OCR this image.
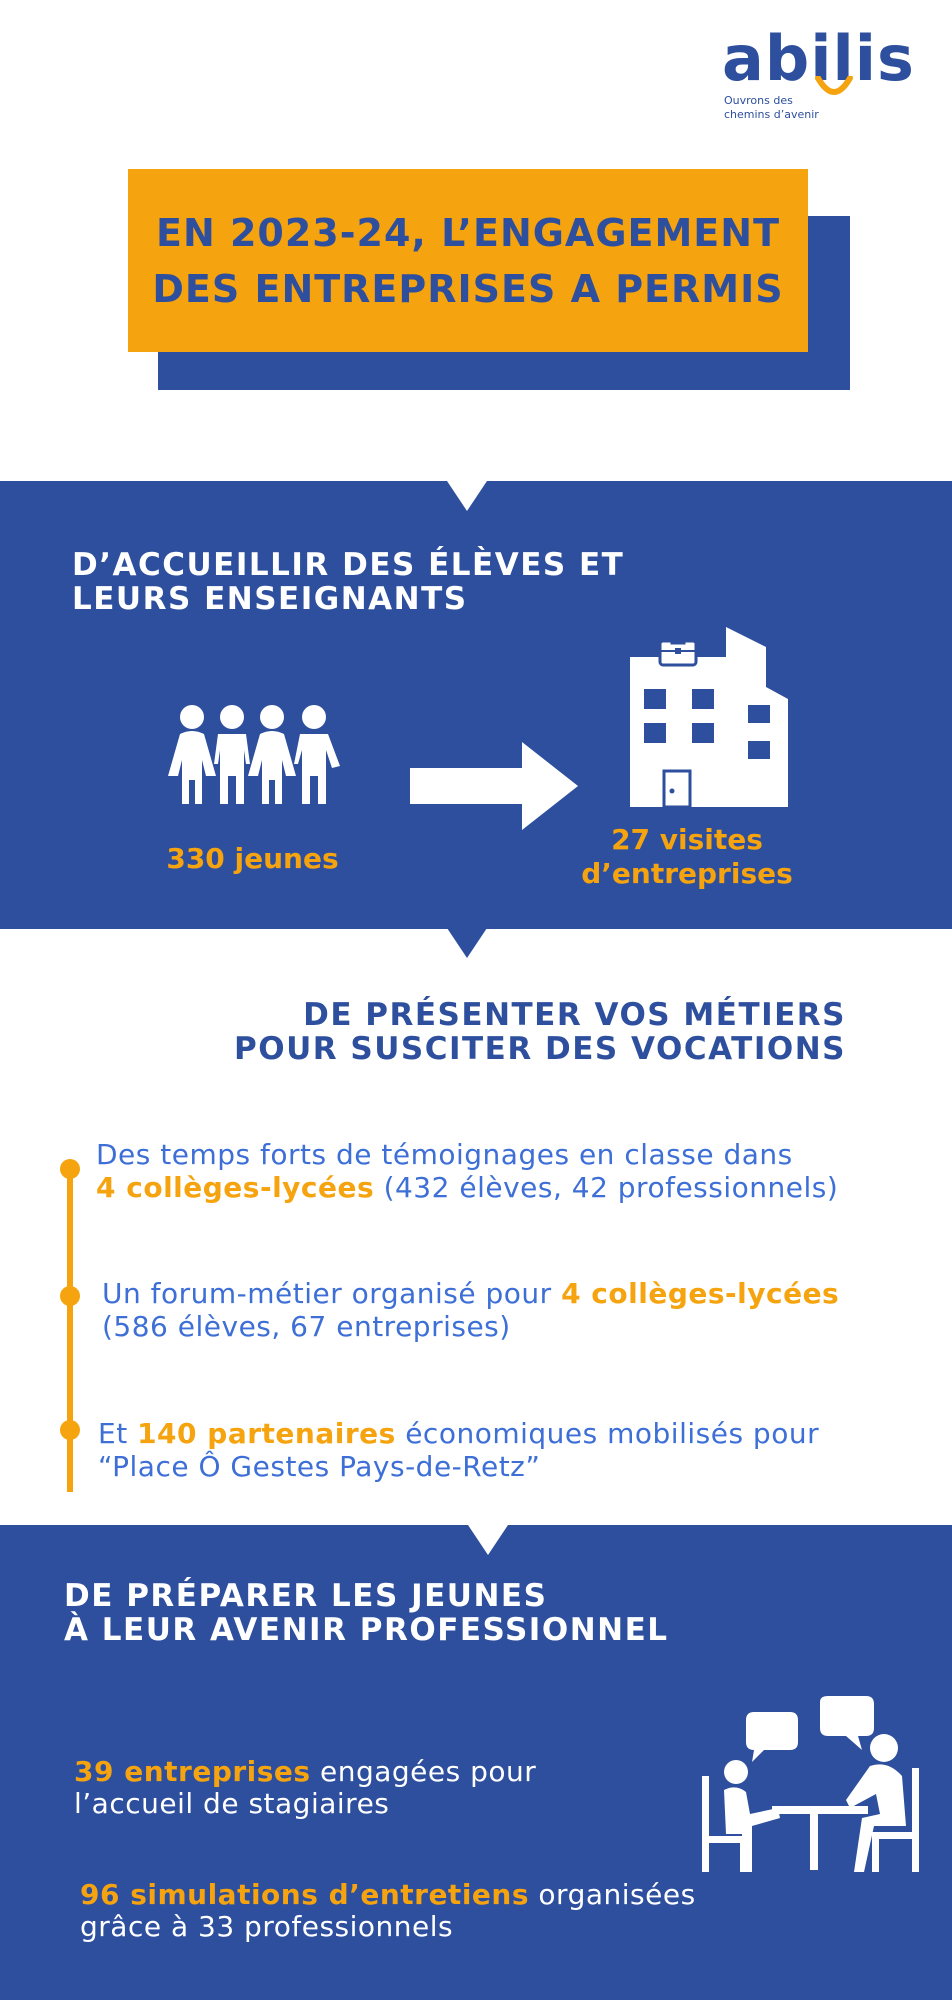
abilis
Ouvrons des
chemins d’avenir
EN 2023-24, L’ENGAGEMENT
DES ENTREPRISES A PERMIS
D’ACCUEILLIR DES ÉLÈVES ET
LEURS ENSEIGNANTS
330 jeunes
27 visites
d’entreprises
DE PRÉSENTER VOS MÉTIERS
POUR SUSCITER DES VOCATIONS
Des temps forts de témoignages en classe dans
4 collèges-lycées (432 élèves, 42 professionnels)
Un forum-métier organisé pour 4 collèges-lycées
(586 élèves, 67 entreprises)
Et 140 partenaires économiques mobilisés pour
“Place Ô Gestes Pays-de-Retz”
DE PRÉPARER LES JEUNES
À LEUR AVENIR PROFESSIONNEL
39 entreprises engagées pour
l’accueil de stagiaires
96 simulations d’entretiens organisées
grâce à 33 professionnels
